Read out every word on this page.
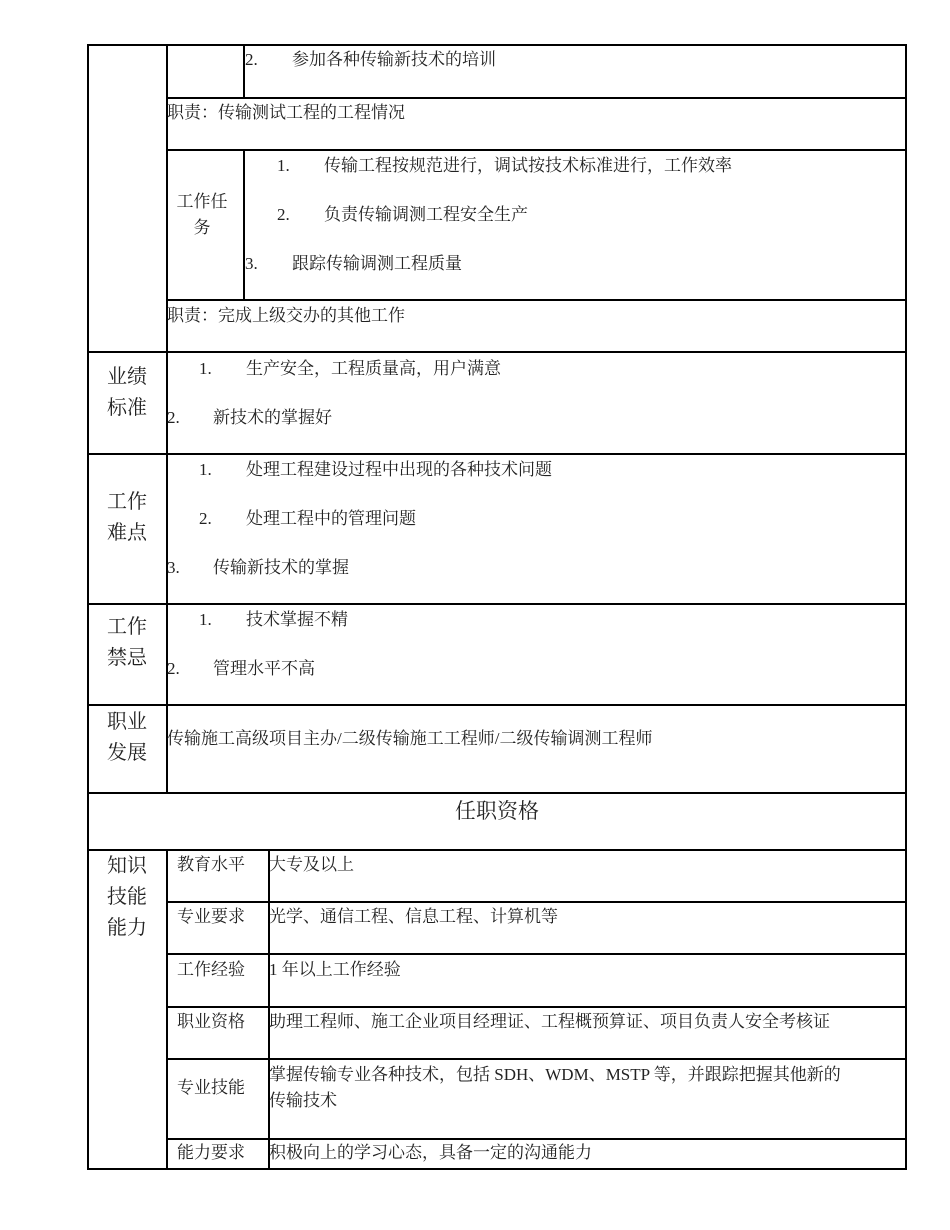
2. 参加各种传输新技术的培训
职责：传输测试工程的工程情况
工作任务
1. 传输工程按规范进行，调试按技术标准进行，工作效率
2. 负责传输调测工程安全生产
3. 跟踪传输调测工程质量
职责：完成上级交办的其他工作
业绩标准
1. 生产安全，工程质量高，用户满意
2. 新技术的掌握好
工作难点
1. 处理工程建设过程中出现的各种技术问题
2. 处理工程中的管理问题
3. 传输新技术的掌握
工作禁忌
1. 技术掌握不精
2. 管理水平不高
职业发展
传输施工高级项目主办/二级传输施工工程师/二级传输调测工程师
任职资格
知识技能能力
教育水平 大专及以上
专业要求 光学、通信工程、信息工程、计算机等
工作经验 1 年以上工作经验
职业资格 助理工程师、施工企业项目经理证、工程概预算证、项目负责人安全考核证
专业技能
掌握传输专业各种技术，包括 SDH、WDM、MSTP 等，并跟踪把握其他新的
传输技术
能力要求 积极向上的学习心态，具备一定的沟通能力
